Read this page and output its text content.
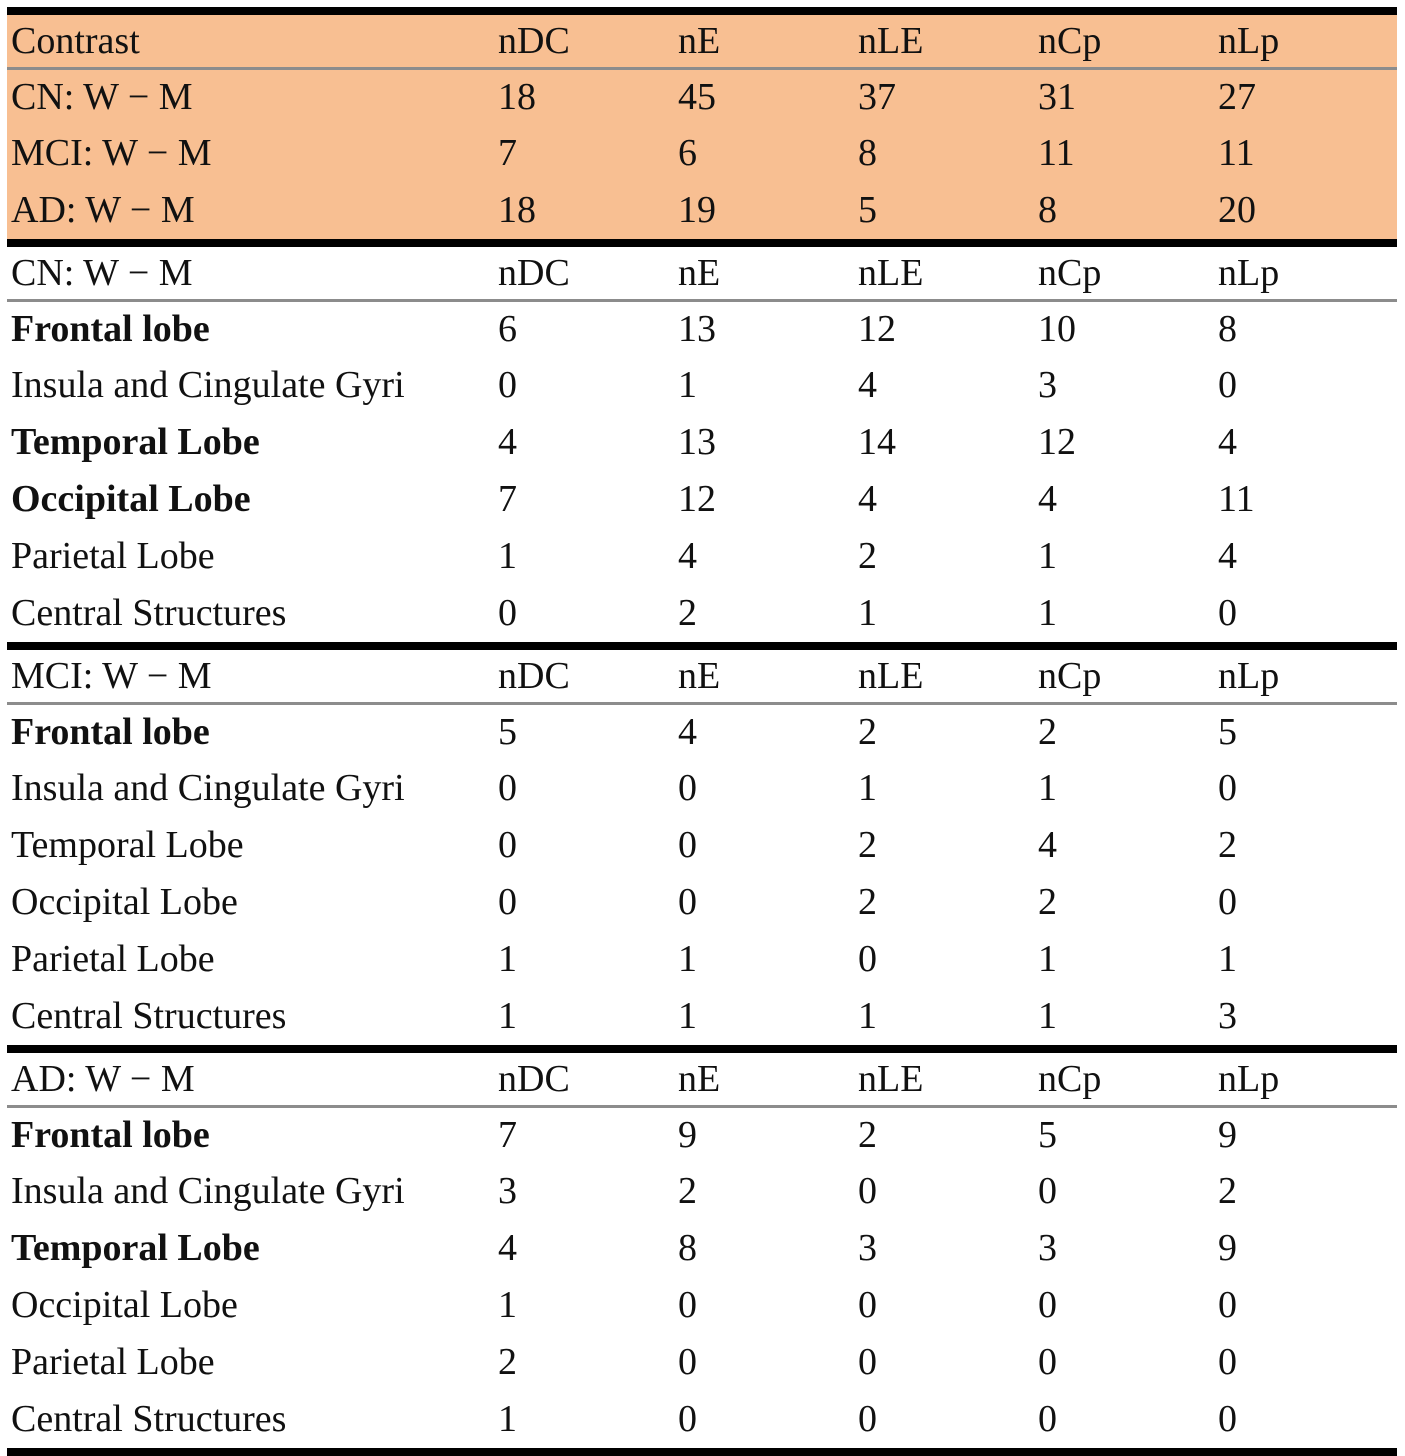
Contrast	nDC	nE	nLE	nCp	nLp
CN: W − M	18	45	37	31	27
MCI: W − M	7	6	8	11	11
AD: W − M	18	19	5	8	20
CN: W − M	nDC	nE	nLE	nCp	nLp
Frontal lobe	6	13	12	10	8
Insula and Cingulate Gyri 0	1	4	3	0
Temporal Lobe	4	13	14	12	4
Occipital Lobe	7	12	4	4	11
Parietal Lobe	1	4	2	1	4
Central Structures	0	2	1	1	0
MCI: W − M	nDC	nE	nLE	nCp	nLp
Frontal lobe	5	4	2	2	5
Insula and Cingulate Gyri 0	0	1	1	0
Temporal Lobe	0	0	2	4	2
Occipital Lobe	0	0	2	2	0
Parietal Lobe	1	1	0	1	1
Central Structures	1	1	1	1	3
AD: W − M	nDC	nE	nLE	nCp	nLp
Frontal lobe	7	9	2	5	9
Insula and Cingulate Gyri 3	2	0	0	2
Temporal Lobe	4	8	3	3	9
Occipital Lobe	1	0	0	0	0
Parietal Lobe	2	0	0	0	0
Central Structures	1	0	0	0	0
